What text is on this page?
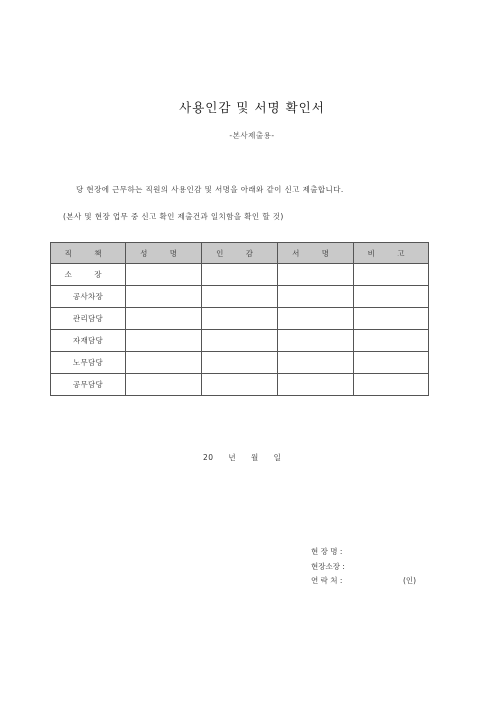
사용인감 및 서명 확인서
-본사제출용-
당 현장에 근무하는 직원의 사용인감 및 서명을 아래와 같이 신고 제출합니다.
(본사 및 현장 업무 중 신고 확인 제출건과 일치함을 확인 할 것)
직 책	성 명	인 감	서 명	비 고
소 장				
공사차장				
관리담당				
자재담당				
노무담당				
공무담당				
20 년 월 일
현 장 명 :
현장소장 :
연 락 처 :	(인)
